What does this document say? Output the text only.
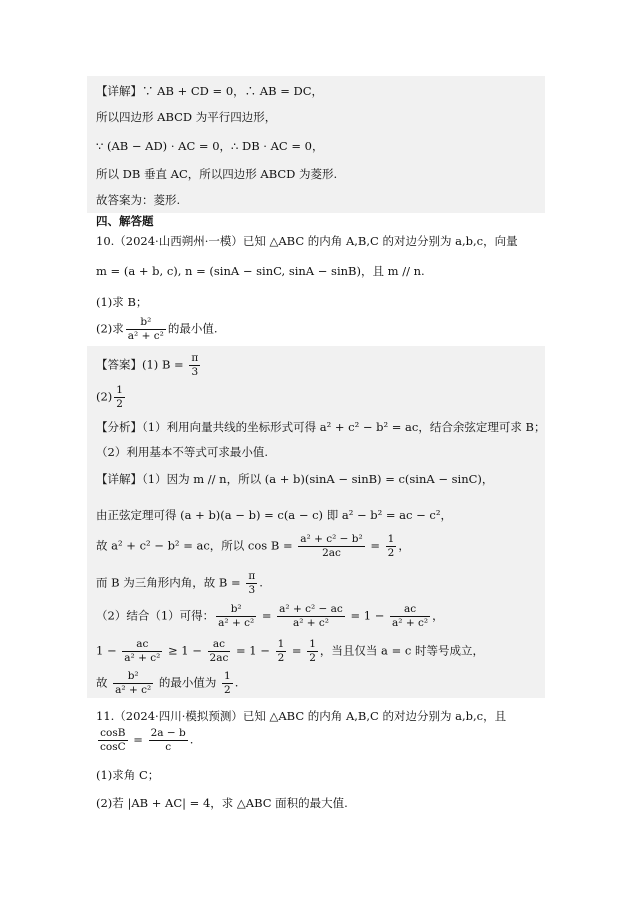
【详解】∵ AB + CD = 0，∴ AB = DC，
所以四边形 ABCD 为平行四边形，
∵ (AB − AD) · AC = 0，∴ DB · AC = 0，
所以 DB 垂直 AC，所以四边形 ABCD 为菱形.
故答案为：菱形.
四、解答题
10.（2024·山西朔州·一模）已知 △ABC 的内角 A,B,C 的对边分别为 a,b,c，向量
m = (a + b, c), n = (sinA − sinC, sinA − sinB)，且 m // n.
(1)求 B；
(2)求 $\frac{\text{b²}}{\text{a² + c²}}$ 的最小值.
【答案】(1) $B = \frac{\pi}{3}$
$(2) \frac{1}{2}$
【分析】（1）利用向量共线的坐标形式可得 a² + c² − b² = ac，结合余弦定理可求 B；
（2）利用基本不等式可求最小值.
【详解】（1）因为 m // n，所以 (a + b)(sinA − sinB) = c(sinA − sinC)，
由正弦定理可得 (a + b)(a − b) = c(a − c) 即 a² − b² = ac − c²，
故 a² + c² − b² = ac，所以 $\cos B = \frac{\text{a² + c² − b²}}{2ac} = \frac{1}{2}$ ，
而 B 为三角形内角，故 $B = \frac{\pi}{3}$ .
（2）结合（1）可得： $\frac{\text{b²}}{\text{a² + c²}} = \frac{\text{a² + c² − ac}}{\text{a² + c²}} = 1 - \frac{ac}{\text{a² + c²}}$ ，
$1 - \frac{ac}{\text{a² + c²}} \ge 1 - \frac{ac}{2ac} = 1 - \frac{1}{2} = \frac{1}{2}$ ，当且仅当 a = c 时等号成立，
故 $\frac{\text{b²}}{\text{a² + c²}}$ 的最小值为 $\frac{1}{2}$ .
11.（2024·四川·模拟预测）已知 △ABC 的内角 A,B,C 的对边分别为 a,b,c，且
$\frac{\cos B}{\cos C} = \frac{2a - b}{c}$ .
(1)求角 C；
(2)若 |AB + AC| = 4，求 △ABC 面积的最大值.
